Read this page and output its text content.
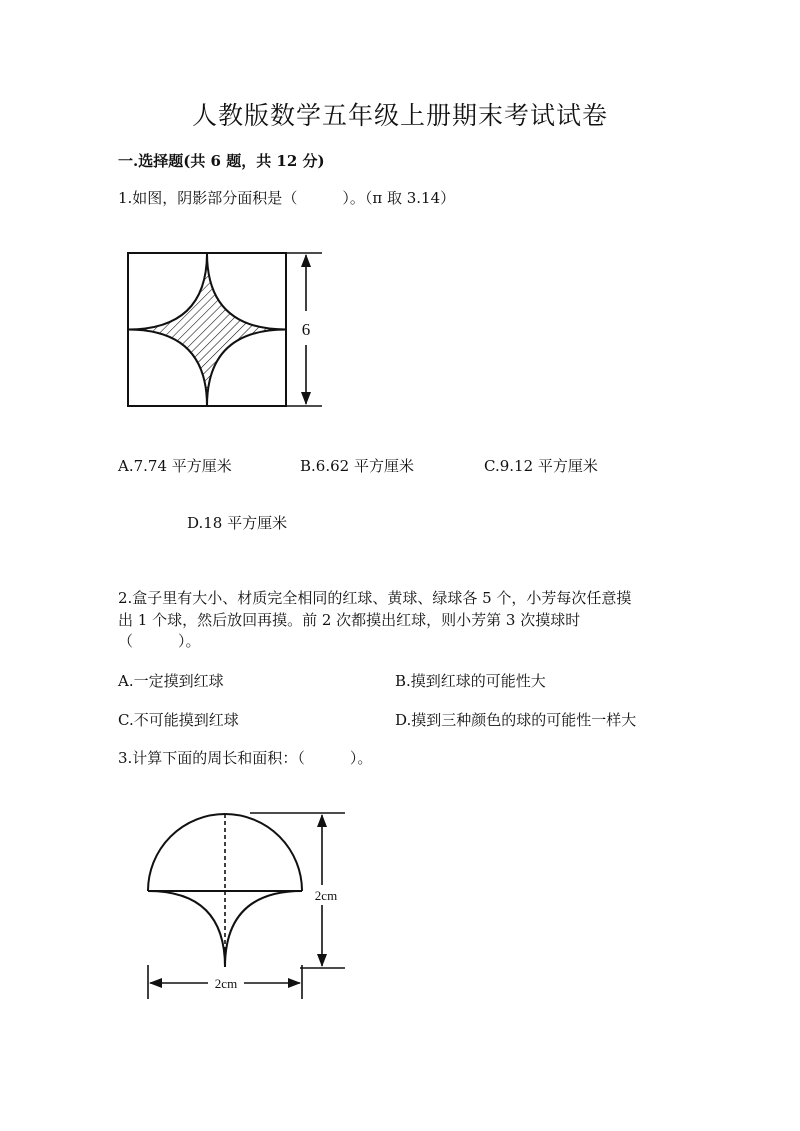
人教版数学五年级上册期末考试试卷
一.选择题(共 6 题，共 12 分)
1.如图，阴影部分面积是（　　　）。（π 取 3.14）
6
A.7.74 平方厘米	B.6.62 平方厘米	C.9.12 平方厘米
D.18 平方厘米
2.盒子里有大小、材质完全相同的红球、黄球、绿球各 5 个，小芳每次任意摸
出 1 个球，然后放回再摸。前 2 次都摸出红球，则小芳第 3 次摸球时
（　　　）。
A.一定摸到红球	B.摸到红球的可能性大
C.不可能摸到红球	D.摸到三种颜色的球的可能性一样大
3.计算下面的周长和面积：（　　　）。
2cm
2cm
